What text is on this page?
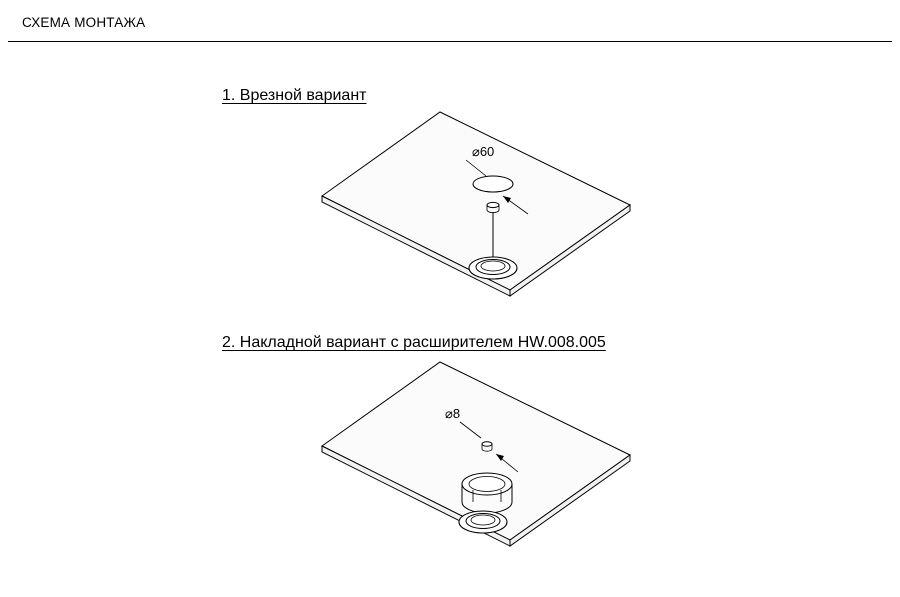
СХЕМА МОНТАЖА
1. Врезной вариант
⌀60
2. Накладной вариант с расширителем HW.008.005
⌀8
